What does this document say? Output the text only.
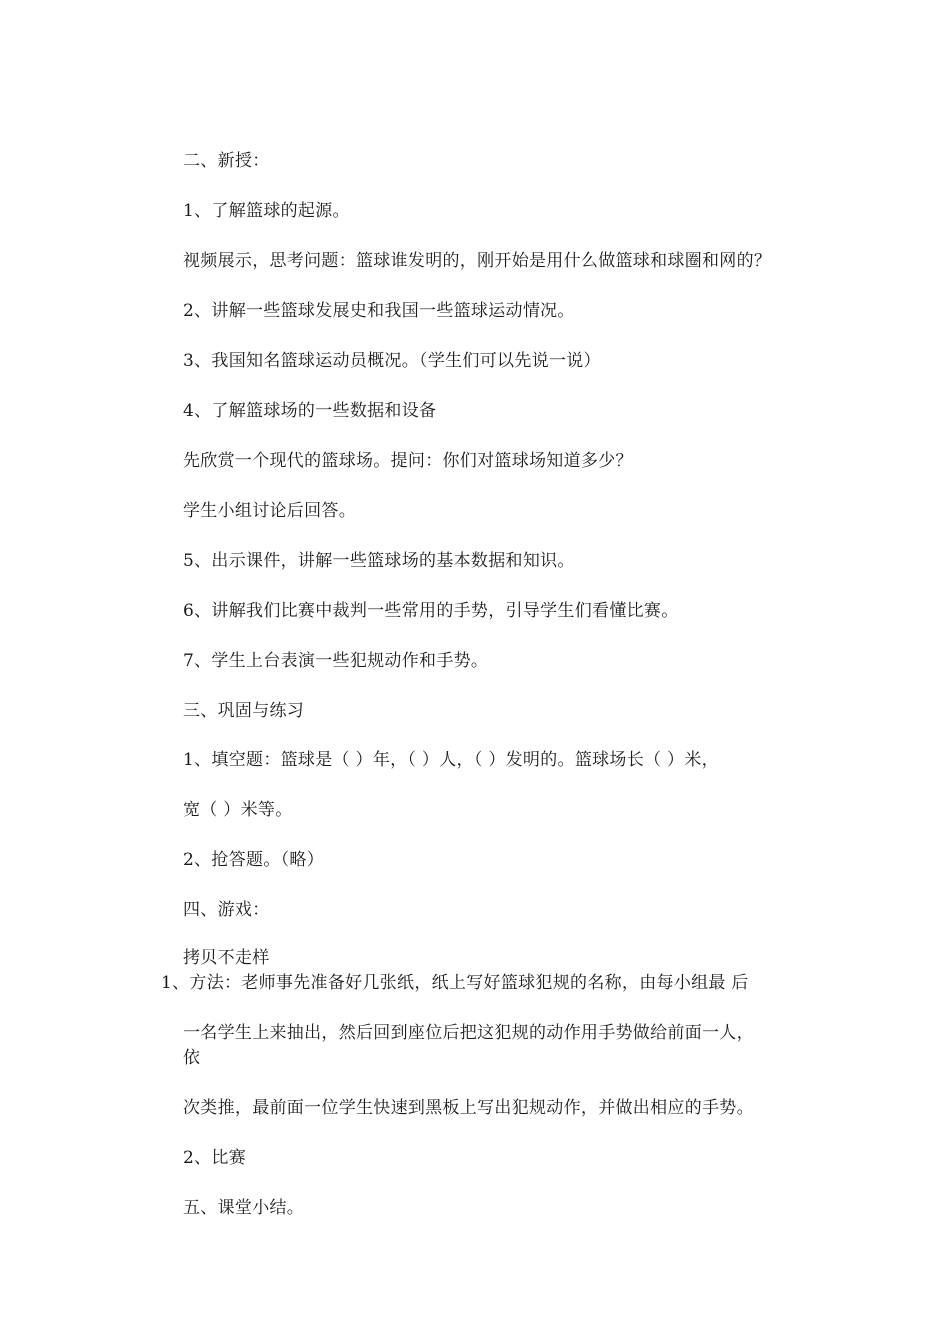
二、新授：
1、了解篮球的起源。
视频展示，思考问题：篮球谁发明的，刚开始是用什么做篮球和球圈和网的？
2、讲解一些篮球发展史和我国一些篮球运动情况。
3、我国知名篮球运动员概况。（学生们可以先说一说）
4、了解篮球场的一些数据和设备
先欣赏一个现代的篮球场。提问：你们对篮球场知道多少？
学生小组讨论后回答。
5、出示课件，讲解一些篮球场的基本数据和知识。
6、讲解我们比赛中裁判一些常用的手势，引导学生们看懂比赛。
7、学生上台表演一些犯规动作和手势。
三、巩固与练习
1、填空题：篮球是（ ）年，（ ）人，（ ）发明的。篮球场长（ ）米，
宽（ ）米等。
2、抢答题。（略）
四、游戏：
拷贝不走样
1、方法：老师事先准备好几张纸，纸上写好篮球犯规的名称，由每小组最 后
一名学生上来抽出，然后回到座位后把这犯规的动作用手势做给前面一人，
依
次类推，最前面一位学生快速到黑板上写出犯规动作，并做出相应的手势。
2、比赛
五、课堂小结。
